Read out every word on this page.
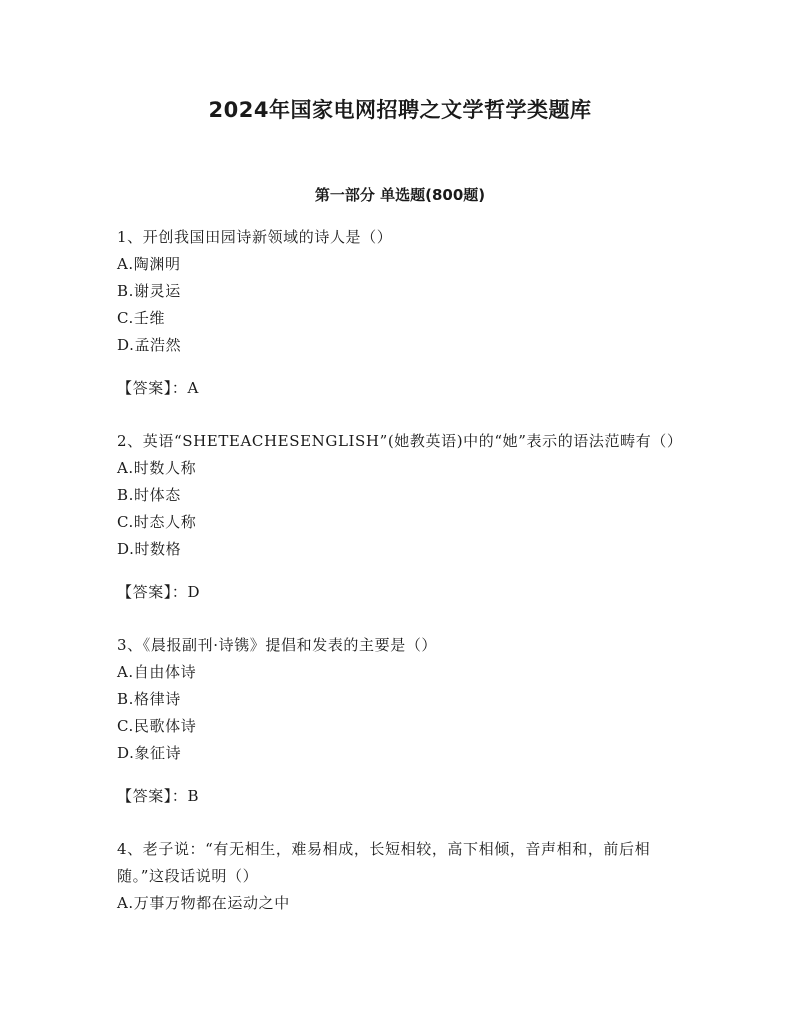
2024年国家电网招聘之文学哲学类题库
第一部分 单选题(800题)

1、开创我国田园诗新领域的诗人是（）

A.陶渊明

B.谢灵运

C.壬维

D.孟浩然

【答案】：A

2、英语“SHETEACHESENGLISH”(她教英语)中的“她”表示的语法范畴有（）

A.时数人称

B.时体态

C.时态人称

D.时数格

【答案】：D

3、《晨报副刊·诗镌》提倡和发表的主要是（）

A.自由体诗

B.格律诗

C.民歌体诗

D.象征诗

【答案】：B

4、老子说：“有无相生，难易相成，长短相较，高下相倾，音声相和，前后相随。”这段话说明（）

A.万事万物都在运动之中
